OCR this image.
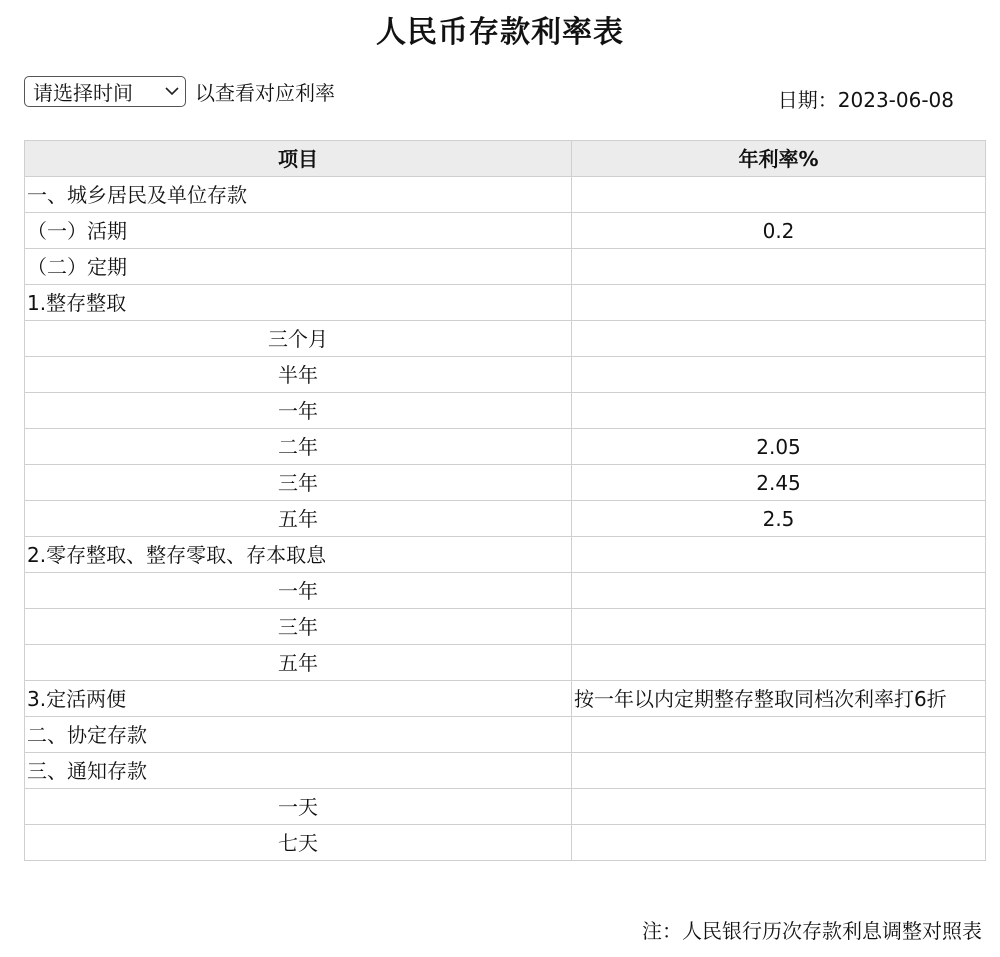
人民币存款利率表
请选择时间	以查看对应利率	日期：2023-06-08
项目	年利率%
一、城乡居民及单位存款	
（一）活期	0.2
（二）定期	
1.整存整取	
三个月	
半年	
一年	
二年	2.05
三年	2.45
五年	2.5
2.零存整取、整存零取、存本取息	
一年	
三年	
五年	
3.定活两便	按一年以内定期整存整取同档次利率打6折
二、协定存款	
三、通知存款	
一天	
七天	
注：人民银行历次存款利息调整对照表
